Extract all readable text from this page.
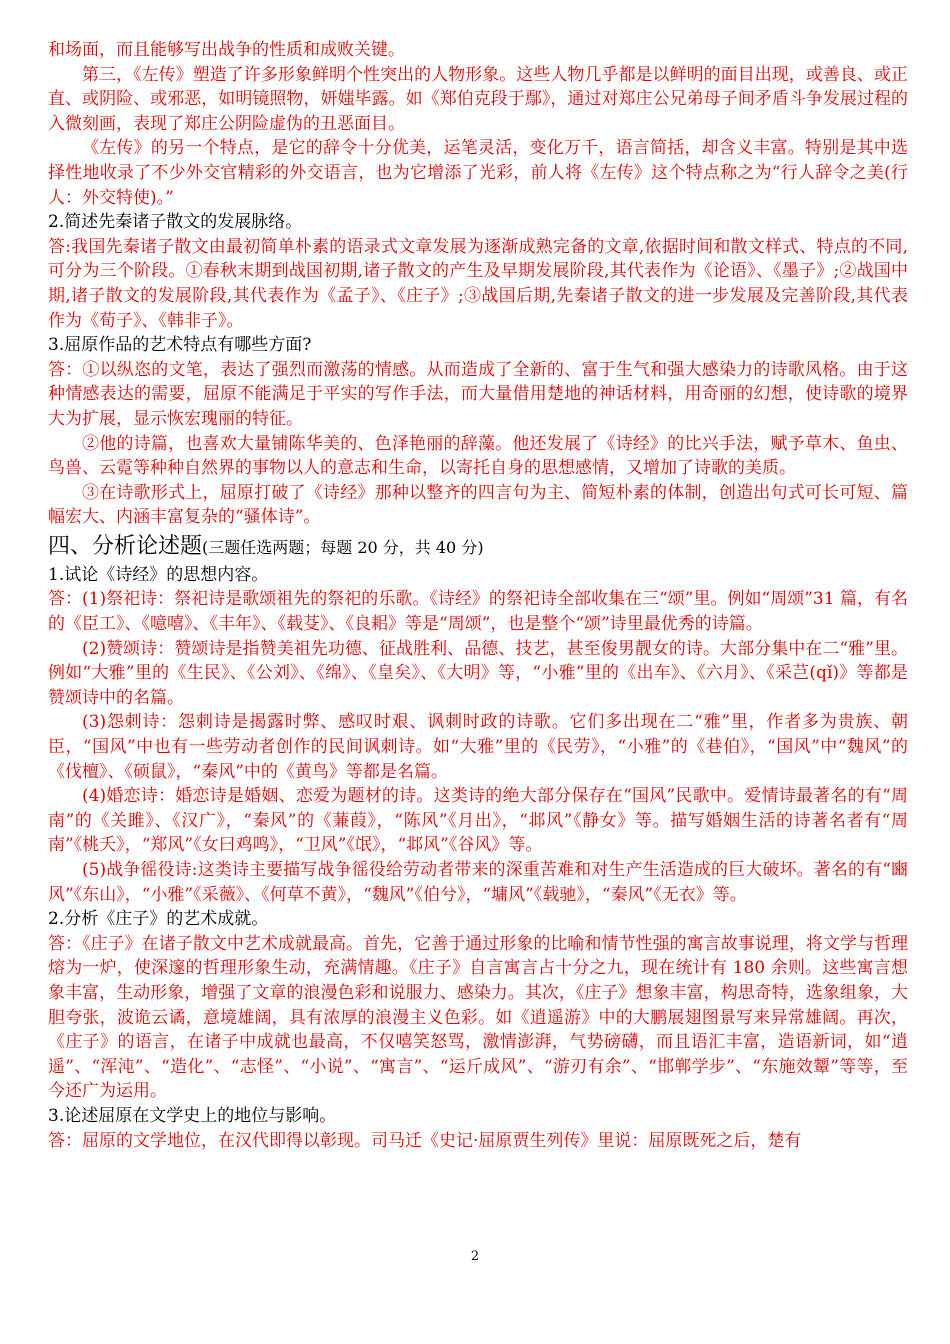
和场面，而且能够写出战争的性质和成败关键。

第三，《左传》塑造了许多形象鲜明个性突出的人物形象。这些人物几乎都是以鲜明的面目出现，或善良、或正直、或阴险、或邪恶，如明镜照物，妍媸毕露。如《郑伯克段于鄢》，通过对郑庄公兄弟母子间矛盾斗争发展过程的入微刻画，表现了郑庄公阴险虚伪的丑恶面目。

《左传》的另一个特点，是它的辞令十分优美，运笔灵活，变化万千，语言简括，却含义丰富。特别是其中选择性地收录了不少外交官精彩的外交语言，也为它增添了光彩，前人将《左传》这个特点称之为“行人辞令之美(行人：外交特使)。”

2.简述先秦诸子散文的发展脉络。

答:我国先秦诸子散文由最初简单朴素的语录式文章发展为逐渐成熟完备的文章,依据时间和散文样式、特点的不同,可分为三个阶段。①春秋末期到战国初期,诸子散文的产生及早期发展阶段,其代表作为《论语》、《墨子》;②战国中期,诸子散文的发展阶段,其代表作为《孟子》、《庄子》;③战国后期,先秦诸子散文的进一步发展及完善阶段,其代表作为《荀子》、《韩非子》。

3.屈原作品的艺术特点有哪些方面?

答：①以纵恣的文笔，表达了强烈而激荡的情感。从而造成了全新的、富于生气和强大感染力的诗歌风格。由于这种情感表达的需要，屈原不能满足于平实的写作手法，而大量借用楚地的神话材料，用奇丽的幻想，使诗歌的境界大为扩展，显示恢宏瑰丽的特征。

②他的诗篇，也喜欢大量铺陈华美的、色泽艳丽的辞藻。他还发展了《诗经》的比兴手法，赋予草木、鱼虫、鸟兽、云霓等种种自然界的事物以人的意志和生命，以寄托自身的思想感情，又增加了诗歌的美质。

③在诗歌形式上，屈原打破了《诗经》那种以整齐的四言句为主、简短朴素的体制，创造出句式可长可短、篇幅宏大、内涵丰富复杂的“骚体诗”。

四、分析论述题(三题任选两题；每题 20 分，共 40 分)

1.试论《诗经》的思想内容。

答：(1)祭祀诗：祭祀诗是歌颂祖先的祭祀的乐歌。《诗经》的祭祀诗全部收集在三“颂”里。例如“周颂”31 篇，有名的《臣工》、《噫嘻》、《丰年》、《载芟》、《良耜》等是“周颂”，也是整个“颂”诗里最优秀的诗篇。

(2)赞颂诗：赞颂诗是指赞美祖先功德、征战胜利、品德、技艺，甚至俊男靓女的诗。大部分集中在二“雅”里。例如“大雅”里的《生民》、《公刘》、《绵》、《皇矣》、《大明》等，“小雅”里的《出车》、《六月》、《采芑(qǐ)》等都是赞颂诗中的名篇。

(3)怨刺诗：怨刺诗是揭露时弊、感叹时艰、讽刺时政的诗歌。它们多出现在二“雅”里，作者多为贵族、朝臣，“国风”中也有一些劳动者创作的民间讽刺诗。如“大雅”里的《民劳》，“小雅”的《巷伯》，“国风”中“魏风”的《伐檀》、《硕鼠》，“秦风”中的《黄鸟》等都是名篇。

(4)婚恋诗：婚恋诗是婚姻、恋爱为题材的诗。这类诗的绝大部分保存在“国风”民歌中。爱情诗最著名的有“周南”的《关雎》、《汉广》，“秦风”的《蒹葭》，“陈风”《月出》，“邶风”《静女》等。描写婚姻生活的诗著名者有“周南”《桃夭》，“郑风”《女曰鸡鸣》，“卫风”《氓》，“邶风”《谷风》等。

(5)战争徭役诗:这类诗主要描写战争徭役给劳动者带来的深重苦难和对生产生活造成的巨大破坏。著名的有“豳风”《东山》，“小雅”《采薇》、《何草不黄》，“魏风”《伯兮》，“墉风”《载驰》，“秦风”《无衣》等。

2.分析《庄子》的艺术成就。

答：《庄子》在诸子散文中艺术成就最高。首先，它善于通过形象的比喻和情节性强的寓言故事说理，将文学与哲理熔为一炉，使深邃的哲理形象生动，充满情趣。《庄子》自言寓言占十分之九，现在统计有 180 余则。这些寓言想象丰富，生动形象，增强了文章的浪漫色彩和说服力、感染力。其次，《庄子》想象丰富，构思奇特，选象组象，大胆夸张，波诡云谲，意境雄阔，具有浓厚的浪漫主义色彩。如《逍遥游》中的大鹏展翅图景写来异常雄阔。再次，《庄子》的语言，在诸子中成就也最高，不仅嘻笑怒骂，激情澎湃，气势磅礴，而且语汇丰富，造语新词，如“逍遥”、“浑沌”、“造化”、“志怪”、“小说”、“寓言”、“运斤成风”、“游刃有余”、“邯郸学步”、“东施效颦”等等，至今还广为运用。

3.论述屈原在文学史上的地位与影响。

答：屈原的文学地位，在汉代即得以彰现。司马迁《史记·屈原贾生列传》里说：屈原既死之后，楚有

2
